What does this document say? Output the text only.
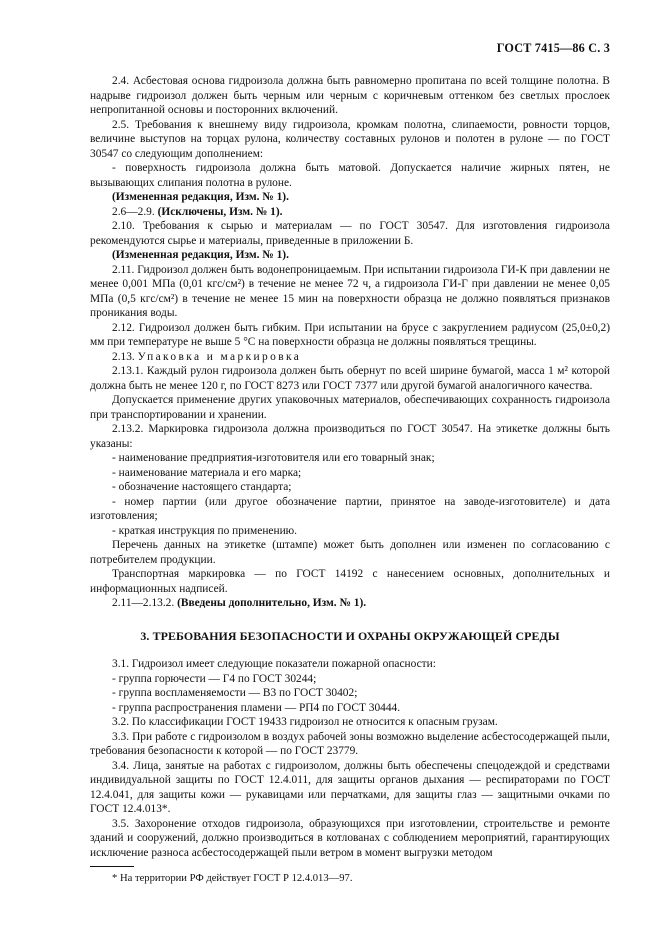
ГОСТ 7415—86 С. 3

2.4. Асбестовая основа гидроизола должна быть равномерно пропитана по всей толщине полотна. В надрыве гидроизол должен быть черным или черным с коричневым оттенком без светлых прослоек непропитанной основы и посторонних включений.

2.5. Требования к внешнему виду гидроизола, кромкам полотна, слипаемости, ровности торцов, величине выступов на торцах рулона, количеству составных рулонов и полотен в рулоне — по ГОСТ 30547 со следующим дополнением:

- поверхность гидроизола должна быть матовой. Допускается наличие жирных пятен, не вызывающих слипания полотна в рулоне.

(Измененная редакция, Изм. № 1).

2.6—2.9. (Исключены, Изм. № 1).

2.10. Требования к сырью и материалам — по ГОСТ 30547. Для изготовления гидроизола рекомендуются сырье и материалы, приведенные в приложении Б.

(Измененная редакция, Изм. № 1).

2.11. Гидроизол должен быть водонепроницаемым. При испытании гидроизола ГИ-К при давлении не менее 0,001 МПа (0,01 кгс/см²) в течение не менее 72 ч, а гидроизола ГИ-Г при давлении не менее 0,05 МПа (0,5 кгс/см²) в течение не менее 15 мин на поверхности образца не должно появляться признаков проникания воды.

2.12. Гидроизол должен быть гибким. При испытании на брусе с закруглением радиусом (25,0±0,2) мм при температуре не выше 5 °С на поверхности образца не должны появляться трещины.

2.13. Упаковка и маркировка

2.13.1. Каждый рулон гидроизола должен быть обернут по всей ширине бумагой, масса 1 м² которой должна быть не менее 120 г, по ГОСТ 8273 или ГОСТ 7377 или другой бумагой аналогичного качества.

Допускается применение других упаковочных материалов, обеспечивающих сохранность гидроизола при транспортировании и хранении.

2.13.2. Маркировка гидроизола должна производиться по ГОСТ 30547. На этикетке должны быть указаны:

- наименование предприятия-изготовителя или его товарный знак;

- наименование материала и его марка;

- обозначение настоящего стандарта;

- номер партии (или другое обозначение партии, принятое на заводе-изготовителе) и дата изготовления;

- краткая инструкция по применению.

Перечень данных на этикетке (штампе) может быть дополнен или изменен по согласованию с потребителем продукции.

Транспортная маркировка — по ГОСТ 14192 с нанесением основных, дополнительных и информационных надписей.

2.11—2.13.2. (Введены дополнительно, Изм. № 1).

3. ТРЕБОВАНИЯ БЕЗОПАСНОСТИ И ОХРАНЫ ОКРУЖАЮЩЕЙ СРЕДЫ

3.1. Гидроизол имеет следующие показатели пожарной опасности:

- группа горючести — Г4 по ГОСТ 30244;

- группа воспламеняемости — В3 по ГОСТ 30402;

- группа распространения пламени — РП4 по ГОСТ 30444.

3.2. По классификации ГОСТ 19433 гидроизол не относится к опасным грузам.

3.3. При работе с гидроизолом в воздух рабочей зоны возможно выделение асбестосодержащей пыли, требования безопасности к которой — по ГОСТ 23779.

3.4. Лица, занятые на работах с гидроизолом, должны быть обеспечены спецодеждой и средствами индивидуальной защиты по ГОСТ 12.4.011, для защиты органов дыхания — респираторами по ГОСТ 12.4.041, для защиты кожи — рукавицами или перчатками, для защиты глаз — защитными очками по ГОСТ 12.4.013*.

3.5. Захоронение отходов гидроизола, образующихся при изготовлении, строительстве и ремонте зданий и сооружений, должно производиться в котлованах с соблюдением мероприятий, гарантирующих исключение разноса асбестосодержащей пыли ветром в момент выгрузки методом

* На территории РФ действует ГОСТ Р 12.4.013—97.
